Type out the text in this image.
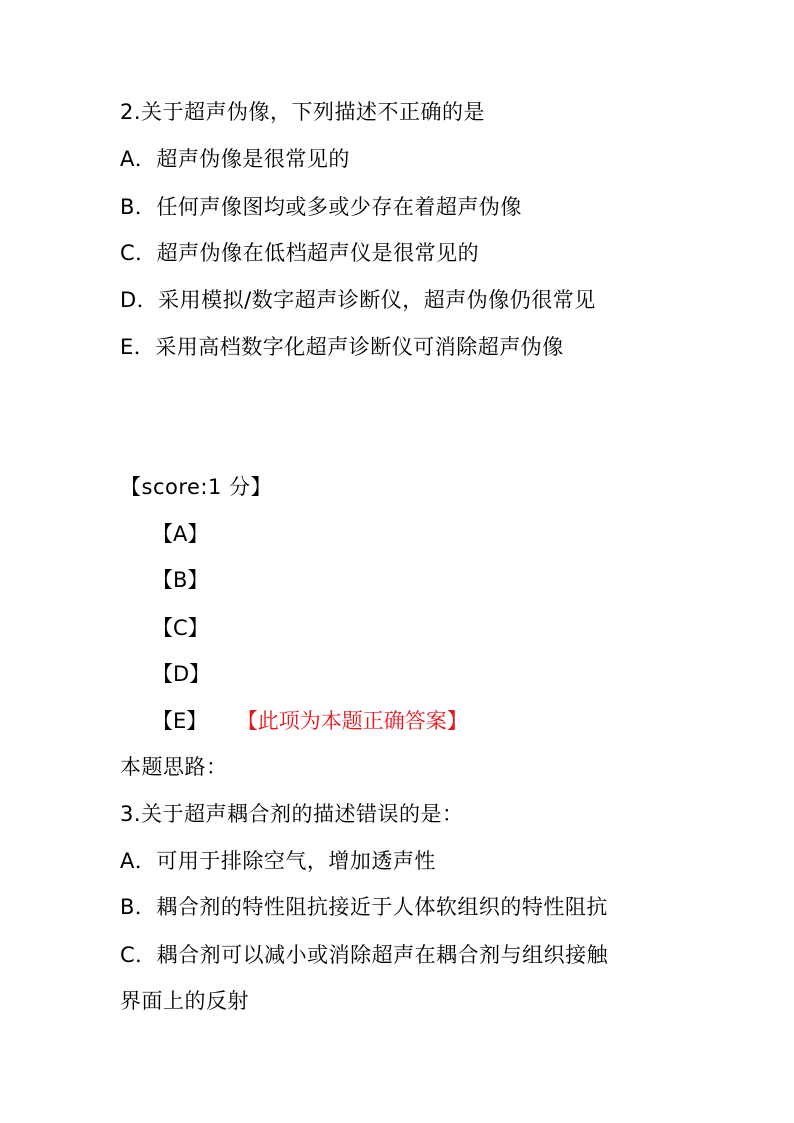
2.关于超声伪像，下列描述不正确的是
A．超声伪像是很常见的
B．任何声像图均或多或少存在着超声伪像
C．超声伪像在低档超声仪是很常见的
D．采用模拟/数字超声诊断仪，超声伪像仍很常见
E．采用高档数字化超声诊断仪可消除超声伪像
【score:1 分】
【A】
【B】
【C】
【D】
【E】 【此项为本题正确答案】
本题思路：
3.关于超声耦合剂的描述错误的是：
A．可用于排除空气，增加透声性
B．耦合剂的特性阻抗接近于人体软组织的特性阻抗
C．耦合剂可以减小或消除超声在耦合剂与组织接触
界面上的反射
